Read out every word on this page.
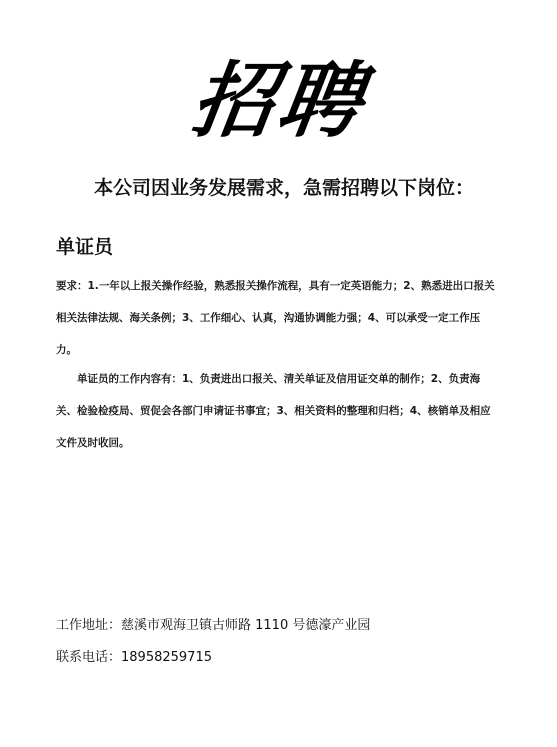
招聘
本公司因业务发展需求，急需招聘以下岗位：
单证员
要求：1.一年以上报关操作经验，熟悉报关操作流程，具有一定英语能力；2、熟悉进出口报关相关法律法规、海关条例；3、工作细心、认真，沟通协调能力强；4、可以承受一定工作压力。
单证员的工作内容有：1、负责进出口报关、清关单证及信用证交单的制作；2、负责海关、检验检疫局、贸促会各部门申请证书事宜；3、相关资料的整理和归档；4、核销单及相应文件及时收回。
工作地址：慈溪市观海卫镇古师路 1110 号德濠产业园
联系电话：18958259715
